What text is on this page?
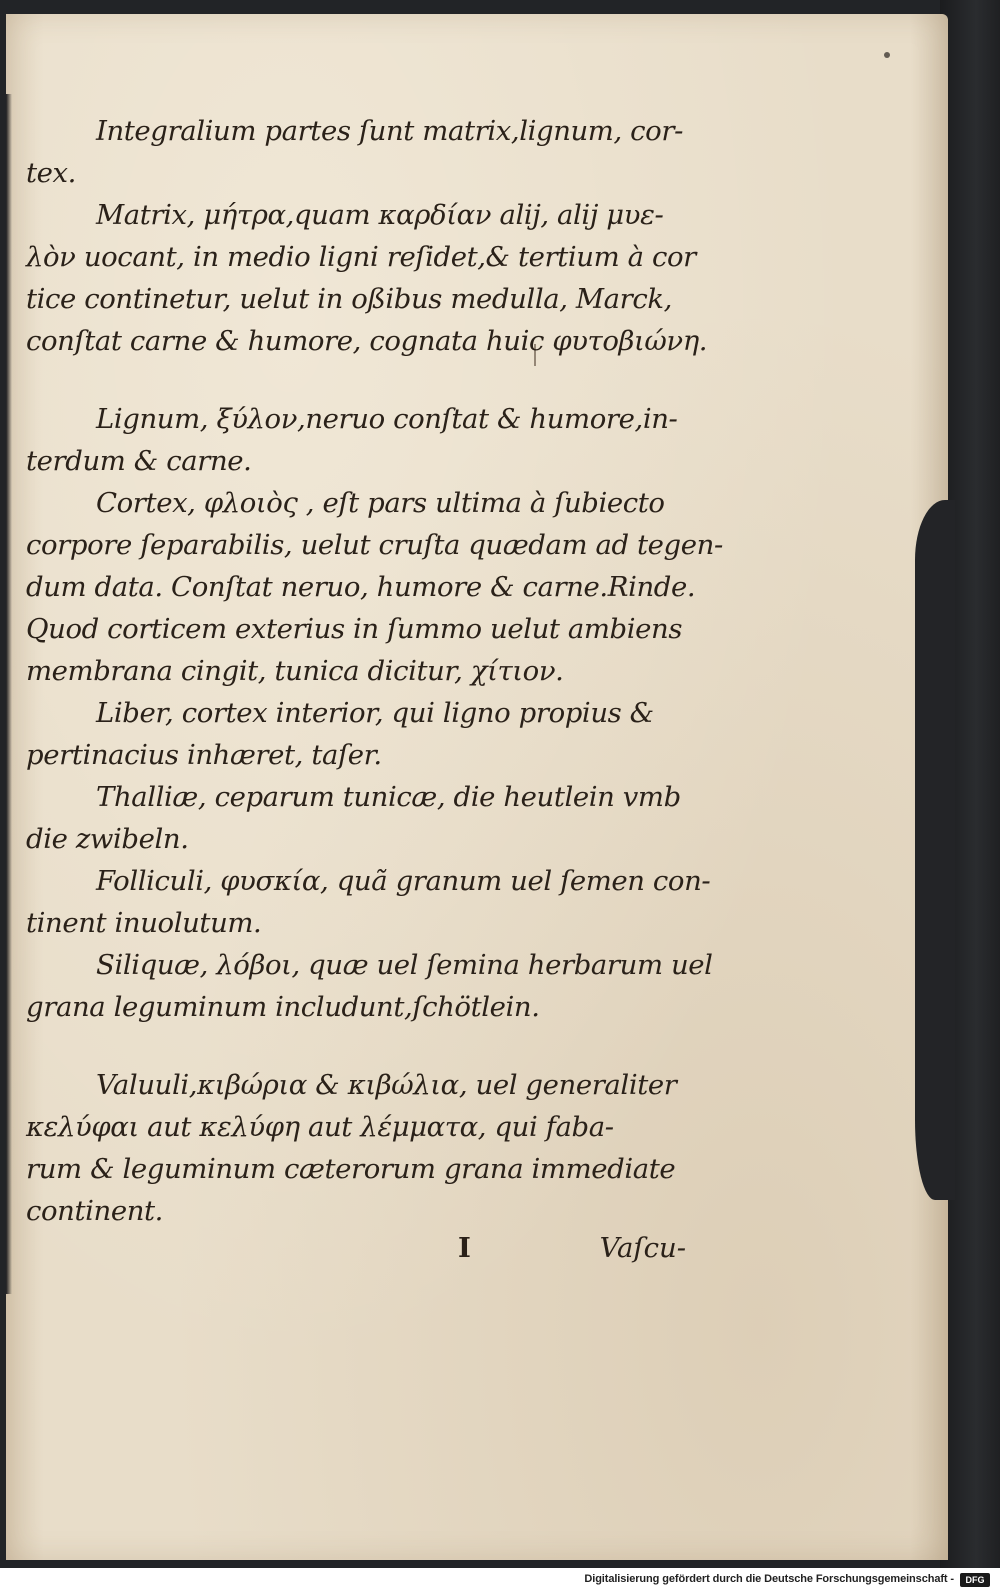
Integralium partes ſunt matrix,lignum, cor-
tex.
Matrix, μήτρα,quam καρδίαν alij, alij μυε-
λὸν uocant, in medio ligni reſidet,& tertium à cor
tice continetur, uelut in oßibus medulla, Marck,
conſtat carne & humore, cognata huic φυτοβιώνη.
Lignum, ξύλον,neruo conſtat & humore,in-
terdum & carne.
Cortex, φλοιὸς , eſt pars ultima à ſubiecto
corpore ſeparabilis, uelut cruſta quædam ad tegen-
dum data. Conſtat neruo, humore & carne.Rinde.
Quod corticem exterius in ſummo uelut ambiens
membrana cingit, tunica dicitur, χίτιον.
Liber, cortex interior, qui ligno propius &
pertinacius inhæret, taſer.
Thalliæ, ceparum tunicæ, die heutlein vmb
die zwibeln.
Folliculi, φυσκία, quã granum uel ſemen con-
tinent inuolutum.
Siliquæ, λόβοι, quæ uel ſemina herbarum uel
grana leguminum includunt,ſchötlein.
Valuuli,κιβώρια & κιβώλια, uel generaliter
κελύφαι aut κελύφη aut λέμματα, qui faba-
rum & leguminum cæterorum grana immediate
continent.
I	Vaſcu-
Digitalisierung gefördert durch die Deutsche Forschungsgemeinschaft -	DFG
